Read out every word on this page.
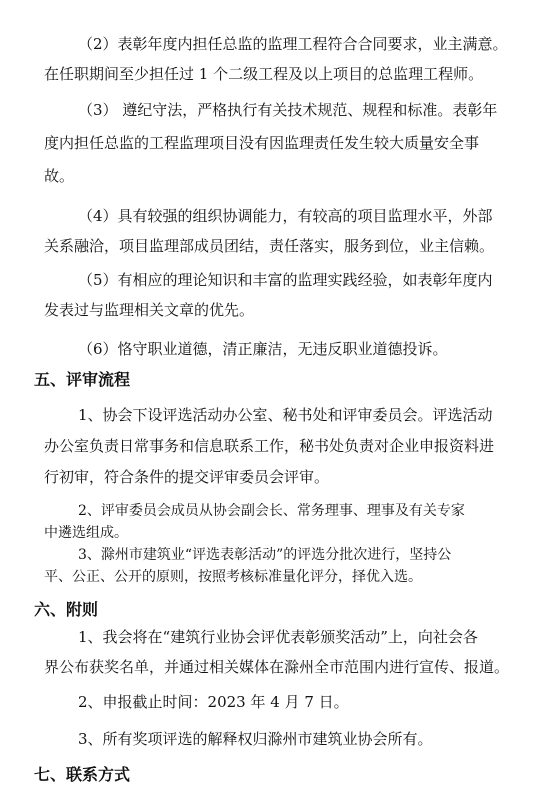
（2）表彰年度内担任总监的监理工程符合合同要求，业主满意。

在任职期间至少担任过 1 个二级工程及以上项目的总监理工程师。

（3） 遵纪守法，严格执行有关技术规范、规程和标准。表彰年

度内担任总监的工程监理项目没有因监理责任发生较大质量安全事

故。

（4）具有较强的组织协调能力，有较高的项目监理水平，外部

关系融洽，项目监理部成员团结，责任落实，服务到位，业主信赖。

（5）有相应的理论知识和丰富的监理实践经验，如表彰年度内

发表过与监理相关文章的优先。

（6）恪守职业道德，清正廉洁，无违反职业道德投诉。

五、评审流程

1、协会下设评选活动办公室、秘书处和评审委员会。评选活动

办公室负责日常事务和信息联系工作，秘书处负责对企业申报资料进

行初审，符合条件的提交评审委员会评审。

2、评审委员会成员从协会副会长、常务理事、理事及有关专家

中遴选组成。

3、滁州市建筑业“评选表彰活动”的评选分批次进行，坚持公

平、公正、公开的原则，按照考核标准量化评分，择优入选。

六、附则

1、我会将在“建筑行业协会评优表彰颁奖活动”上，向社会各

界公布获奖名单，并通过相关媒体在滁州全市范围内进行宣传、报道。

2、申报截止时间：2023 年 4 月 7 日。

3、所有奖项评选的解释权归滁州市建筑业协会所有。

七、联系方式
